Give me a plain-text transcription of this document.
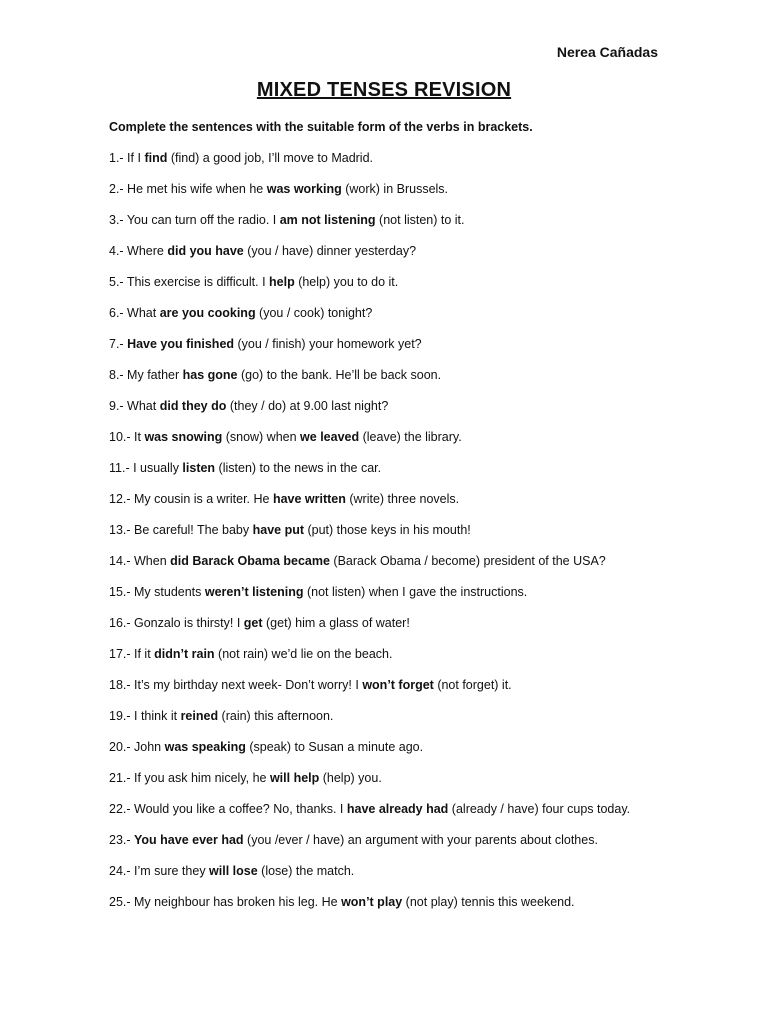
Nerea Cañadas
MIXED TENSES REVISION
Complete the sentences with the suitable form of the verbs in brackets.
1.- If I find (find) a good job, I’ll move to Madrid.
2.- He met his wife when he was working (work) in Brussels.
3.- You can turn off the radio. I am not listening (not listen) to it.
4.- Where did you have (you / have) dinner yesterday?
5.- This exercise is difficult. I help (help) you to do it.
6.- What are you cooking (you / cook) tonight?
7.- Have you finished (you / finish) your homework yet?
8.- My father has gone (go) to the bank. He’ll be back soon.
9.- What did they do (they / do) at 9.00 last night?
10.- It was snowing (snow) when we leaved (leave) the library.
11.- I usually listen (listen) to the news in the car.
12.- My cousin is a writer. He have written (write) three novels.
13.- Be careful! The baby have put (put) those keys in his mouth!
14.- When did Barack Obama became (Barack Obama / become) president of the USA?
15.- My students weren’t listening (not listen) when I gave the instructions.
16.- Gonzalo is thirsty! I get (get) him a glass of water!
17.- If it didn’t rain (not rain) we’d lie on the beach.
18.- It’s my birthday next week- Don’t worry! I won’t forget (not forget) it.
19.- I think it reined (rain) this afternoon.
20.- John was speaking (speak) to Susan a minute ago.
21.- If you ask him nicely, he will help (help) you.
22.- Would you like a coffee? No, thanks. I have already had (already / have) four cups today.
23.- You have ever had (you /ever / have) an argument with your parents about clothes.
24.- I’m sure they will lose (lose) the match.
25.- My neighbour has broken his leg. He won’t play (not play) tennis this weekend.
